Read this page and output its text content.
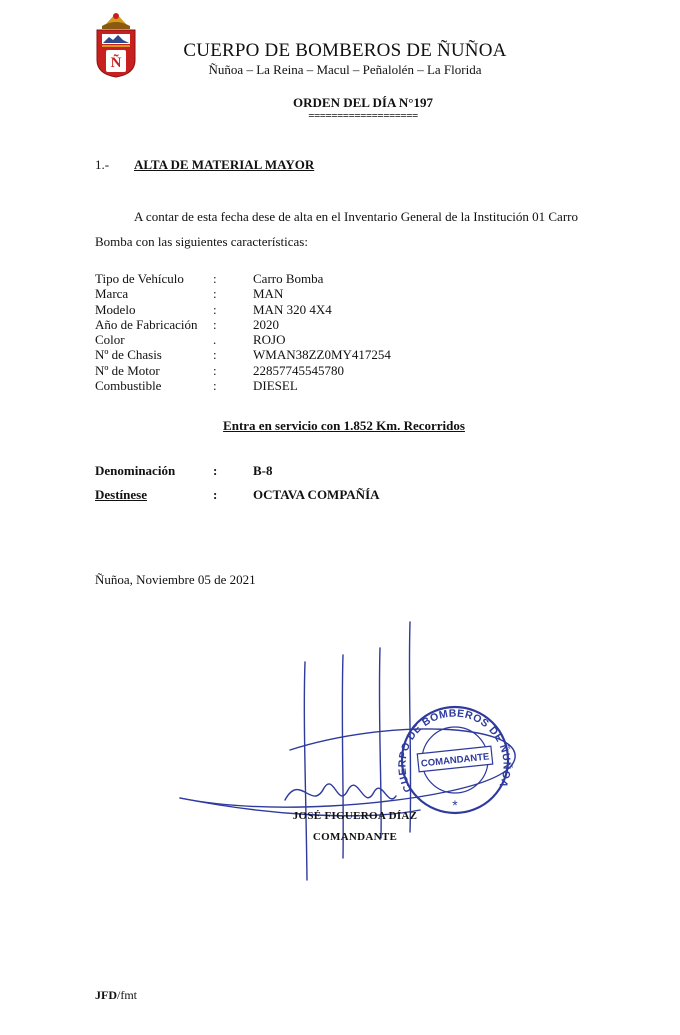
Ñ
CUERPO DE BOMBEROS DE ÑUÑOA
Ñuñoa – La Reina – Macul – Peñalolén – La Florida
ORDEN DEL DÍA N°197
===================
1.- ALTA DE MATERIAL MAYOR
A contar de esta fecha dese de alta en el Inventario General de la Institución 01 Carro
Bomba con las siguientes características:
Tipo de Vehículo :	Carro Bomba
Marca	:	MAN
Modelo	:	MAN 320 4X4
Año de Fabricación :	2020
Color	.	ROJO
Nº de Chasis	:	WMAN38ZZ0MY417254
Nº de Motor	:	22857745545780
Combustible	:	DIESEL
Entra en servicio con 1.852 Km. Recorridos
Denominación	:	B-8
Destínese	:	OCTAVA COMPAÑÍA
Ñuñoa, Noviembre 05 de 2021
CUERPO DE BOMBEROS DE ÑUÑOA
COMANDANTE
*
JOSÉ FIGUEROA DÍAZ
COMANDANTE
JFD/fmt
